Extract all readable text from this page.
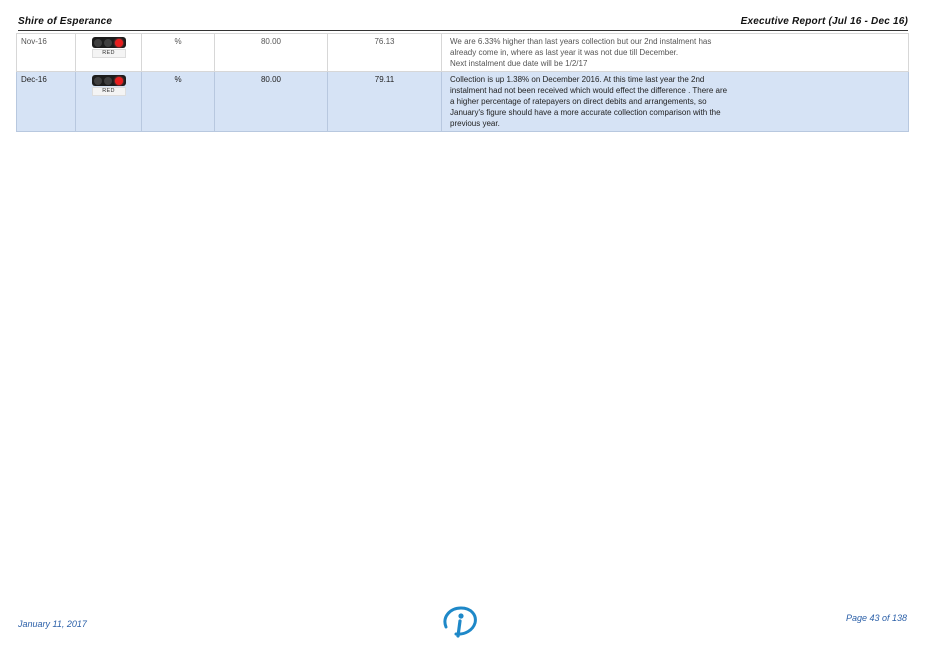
Shire of Esperance	Executive Report (Jul 16 - Dec 16)
Nov-16	RED	%	80.00	76.13	We are 6.33% higher than last years collection but our 2nd instalment has
already come in, where as last year it was not due till December.
Next instalment due date will be 1/2/17

Dec-16	RED	%	80.00	79.11	Collection is up 1.38% on December 2016. At this time last year the 2nd
instalment had not been received which would effect the difference . There are
a higher percentage of ratepayers on direct debits and arrangements, so
January's figure should have a more accurate collection comparison with the
previous year.
January 11, 2017
Page 43 of 138
